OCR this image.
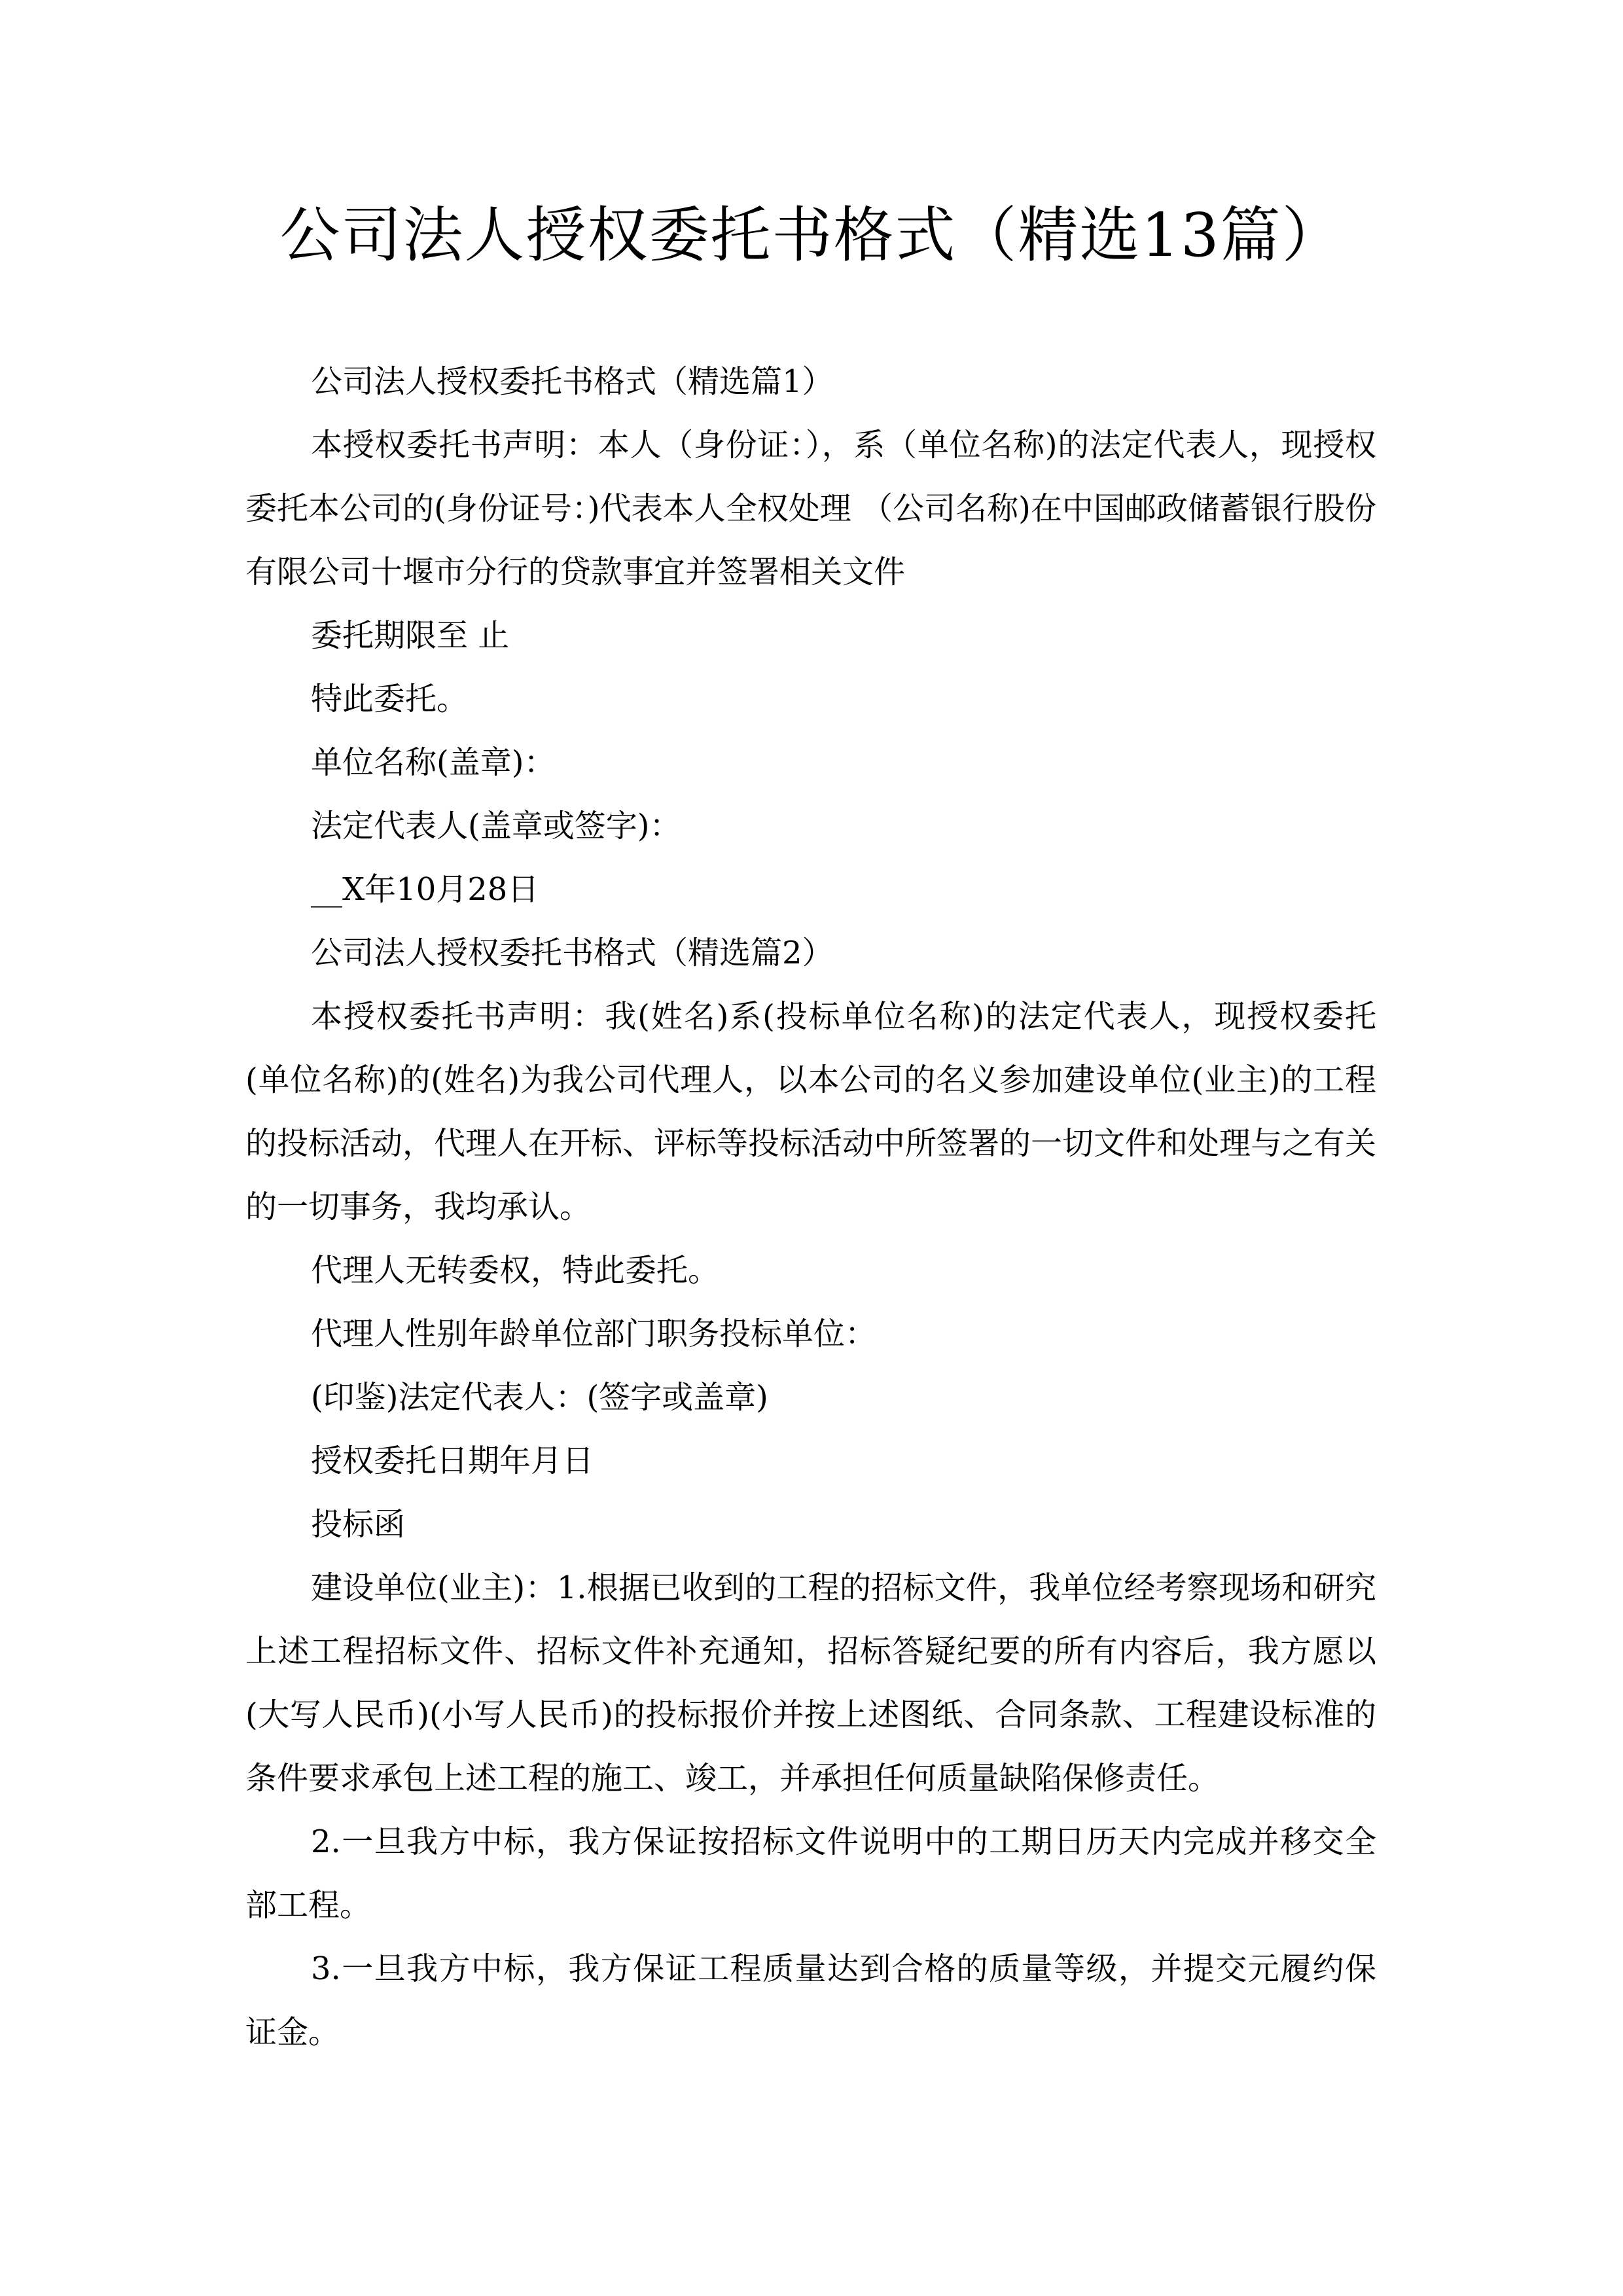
公司法人授权委托书格式（精选13篇）

公司法人授权委托书格式（精选篇1）

本授权委托书声明：本人（身份证：），系（单位名称)的法定代表人，现授权委托本公司的(身份证号：)代表本人全权处理 （公司名称)在中国邮政储蓄银行股份有限公司十堰市分行的贷款事宜并签署相关文件

委托期限至 止

特此委托。

单位名称(盖章)：

法定代表人(盖章或签字)：

__X年10月28日

公司法人授权委托书格式（精选篇2）

本授权委托书声明：我(姓名)系(投标单位名称)的法定代表人，现授权委托(单位名称)的(姓名)为我公司代理人，以本公司的名义参加建设单位(业主)的工程的投标活动，代理人在开标、评标等投标活动中所签署的一切文件和处理与之有关的一切事务，我均承认。

代理人无转委权，特此委托。

代理人性别年龄单位部门职务投标单位：

(印鉴)法定代表人：(签字或盖章)

授权委托日期年月日

投标函

建设单位(业主)：1.根据已收到的工程的招标文件，我单位经考察现场和研究上述工程招标文件、招标文件补充通知，招标答疑纪要的所有内容后，我方愿以(大写人民币)(小写人民币)的投标报价并按上述图纸、合同条款、工程建设标准的条件要求承包上述工程的施工、竣工，并承担任何质量缺陷保修责任。

2.一旦我方中标，我方保证按招标文件说明中的工期日历天内完成并移交全部工程。

3.一旦我方中标，我方保证工程质量达到合格的质量等级，并提交元履约保证金。
